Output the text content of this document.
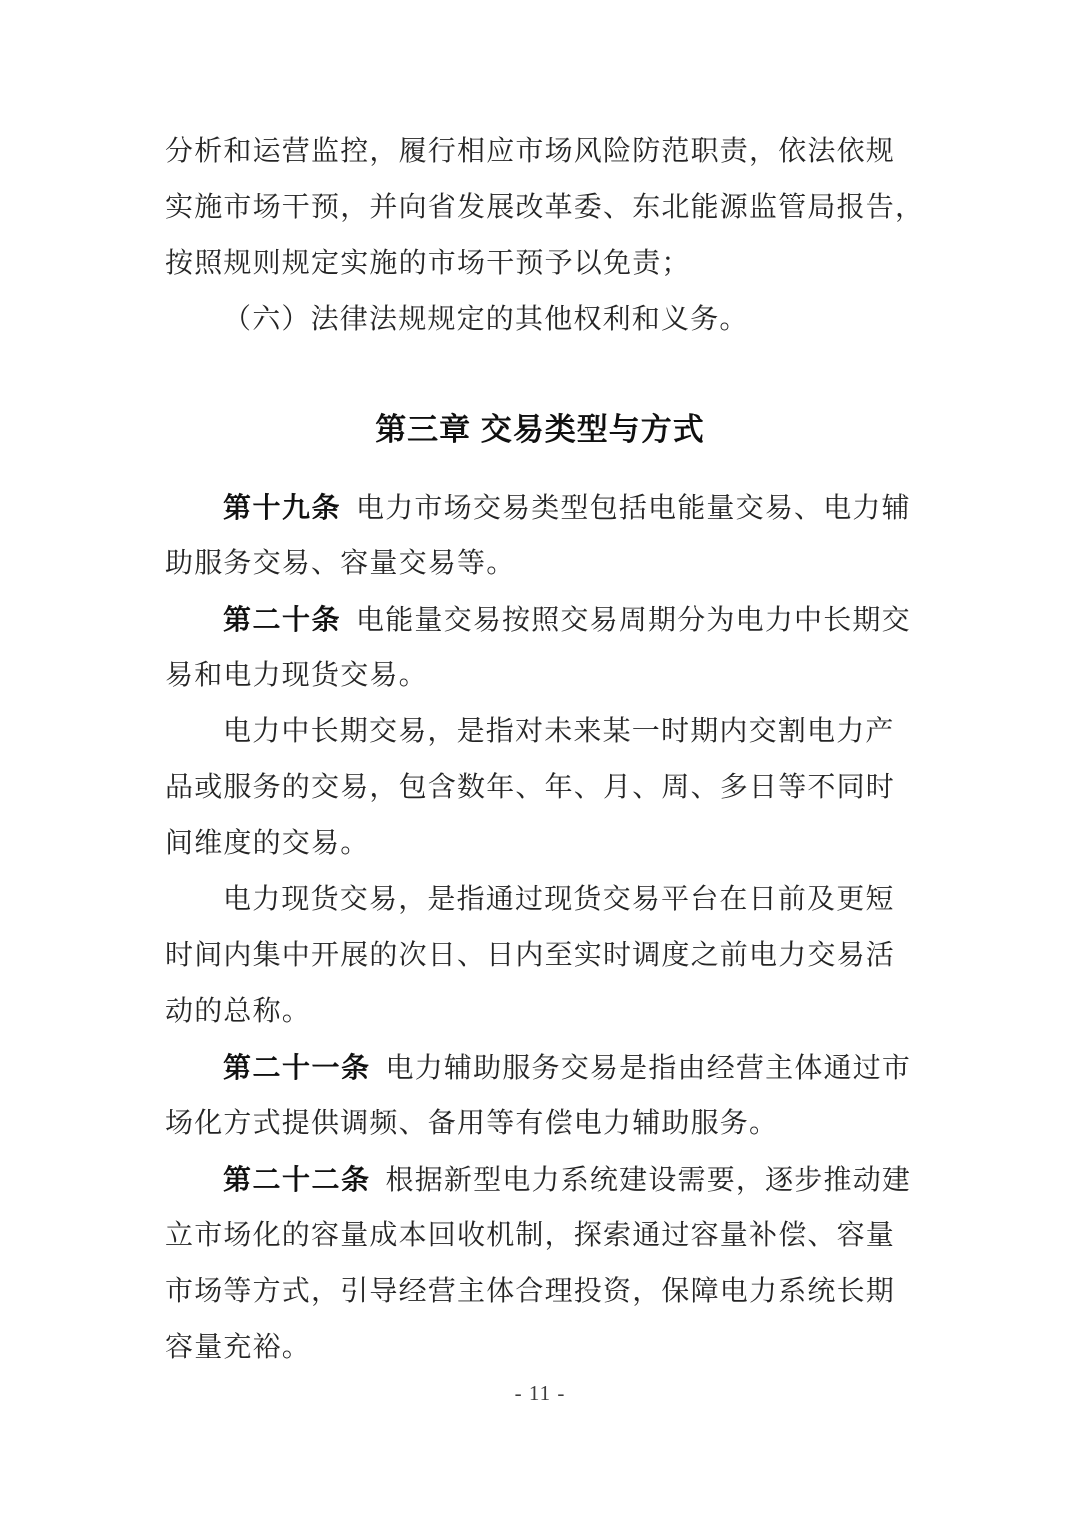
分析和运营监控，履行相应市场风险防范职责，依法依规
实施市场干预，并向省发展改革委、东北能源监管局报告，
按照规则规定实施的市场干预予以免责；
（六）法律法规规定的其他权利和义务。
第三章 交易类型与方式
第十九条 电力市场交易类型包括电能量交易、电力辅
助服务交易、容量交易等。
第二十条 电能量交易按照交易周期分为电力中长期交
易和电力现货交易。
电力中长期交易，是指对未来某一时期内交割电力产
品或服务的交易，包含数年、年、月、周、多日等不同时
间维度的交易。
电力现货交易，是指通过现货交易平台在日前及更短
时间内集中开展的次日、日内至实时调度之前电力交易活
动的总称。
第二十一条 电力辅助服务交易是指由经营主体通过市
场化方式提供调频、备用等有偿电力辅助服务。
第二十二条 根据新型电力系统建设需要，逐步推动建
立市场化的容量成本回收机制，探索通过容量补偿、容量
市场等方式，引导经营主体合理投资，保障电力系统长期
容量充裕。
- 11 -
